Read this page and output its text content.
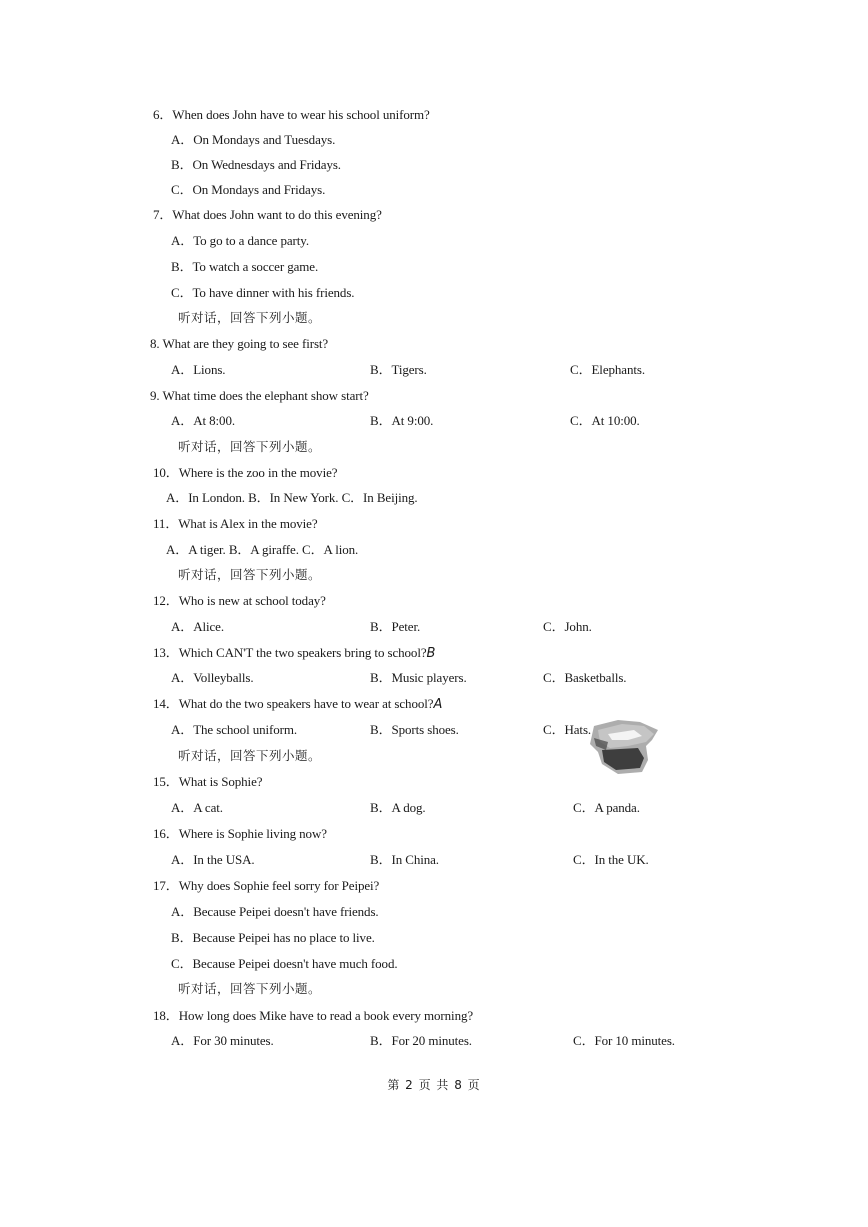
6．When does John have to wear his school uniform?
A．On Mondays and Tuesdays.
B．On Wednesdays and Fridays.
C．On Mondays and Fridays.
7．What does John want to do this evening?
A．To go to a dance party.
B．To watch a soccer game.
C．To have dinner with his friends.
听对话，回答下列小题。
8. What are they going to see first?
A．Lions.	B．Tigers.	C．Elephants.
9. What time does the elephant show start?
A．At 8:00.	B．At 9:00.	C．At 10:00.
听对话，回答下列小题。
10．Where is the zoo in the movie?
A．In London. B．In New York. C．In Beijing.
11．What is Alex in the movie?
A．A tiger. B．A giraffe. C．A lion.
听对话，回答下列小题。
12．Who is new at school today?
A．Alice.	B．Peter.	C．John.
13．Which CAN'T the two speakers bring to school?B
A．Volleyballs.	B．Music players.	C．Basketballs.
14．What do the two speakers have to wear at school?A
A．The school uniform.	B．Sports shoes.	C．Hats.
听对话，回答下列小题。
15．What is Sophie?
A．A cat.	B．A dog.	C．A panda.
16．Where is Sophie living now?
A．In the USA.	B．In China.	C．In the UK.
17．Why does Sophie feel sorry for Peipei?
A．Because Peipei doesn't have friends.
B．Because Peipei has no place to live.
C．Because Peipei doesn't have much food.
听对话，回答下列小题。
18．How long does Mike have to read a book every morning?
A．For 30 minutes.	B．For 20 minutes.	C．For 10 minutes.
第 2 页 共 8 页
